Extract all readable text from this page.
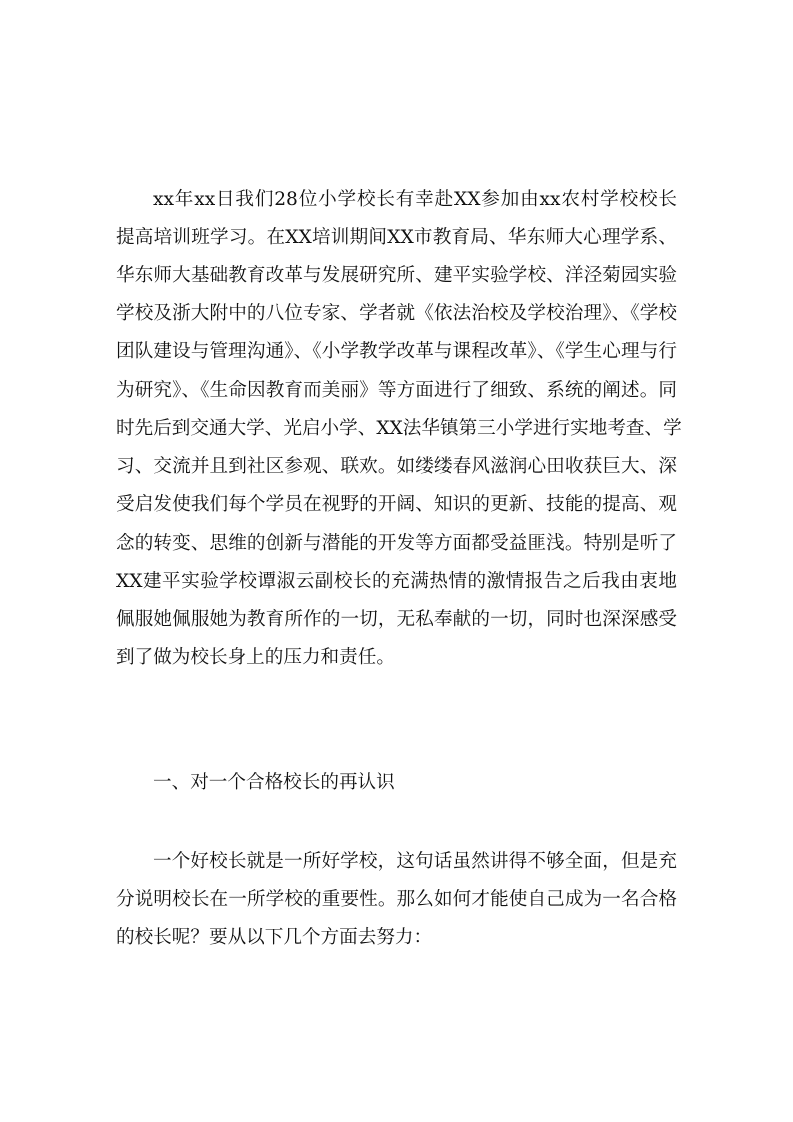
xx年xx日我们28位小学校长有幸赴XX参加由xx农村学校校长
提高培训班学习。在XX培训期间XX市教育局、华东师大心理学系、
华东师大基础教育改革与发展研究所、建平实验学校、洋泾菊园实验
学校及浙大附中的八位专家、学者就《依法治校及学校治理》、《学校
团队建设与管理沟通》、《小学教学改革与课程改革》、《学生心理与行
为研究》、《生命因教育而美丽》等方面进行了细致、系统的阐述。同
时先后到交通大学、光启小学、XX法华镇第三小学进行实地考查、学
习、交流并且到社区参观、联欢。如缕缕春风滋润心田收获巨大、深
受启发使我们每个学员在视野的开阔、知识的更新、技能的提高、观
念的转变、思维的创新与潜能的开发等方面都受益匪浅。特别是听了
XX建平实验学校谭淑云副校长的充满热情的激情报告之后我由衷地
佩服她佩服她为教育所作的一切，无私奉献的一切，同时也深深感受
到了做为校长身上的压力和责任。
一、对一个合格校长的再认识
一个好校长就是一所好学校，这句话虽然讲得不够全面，但是充
分说明校长在一所学校的重要性。那么如何才能使自己成为一名合格
的校长呢？要从以下几个方面去努力：
